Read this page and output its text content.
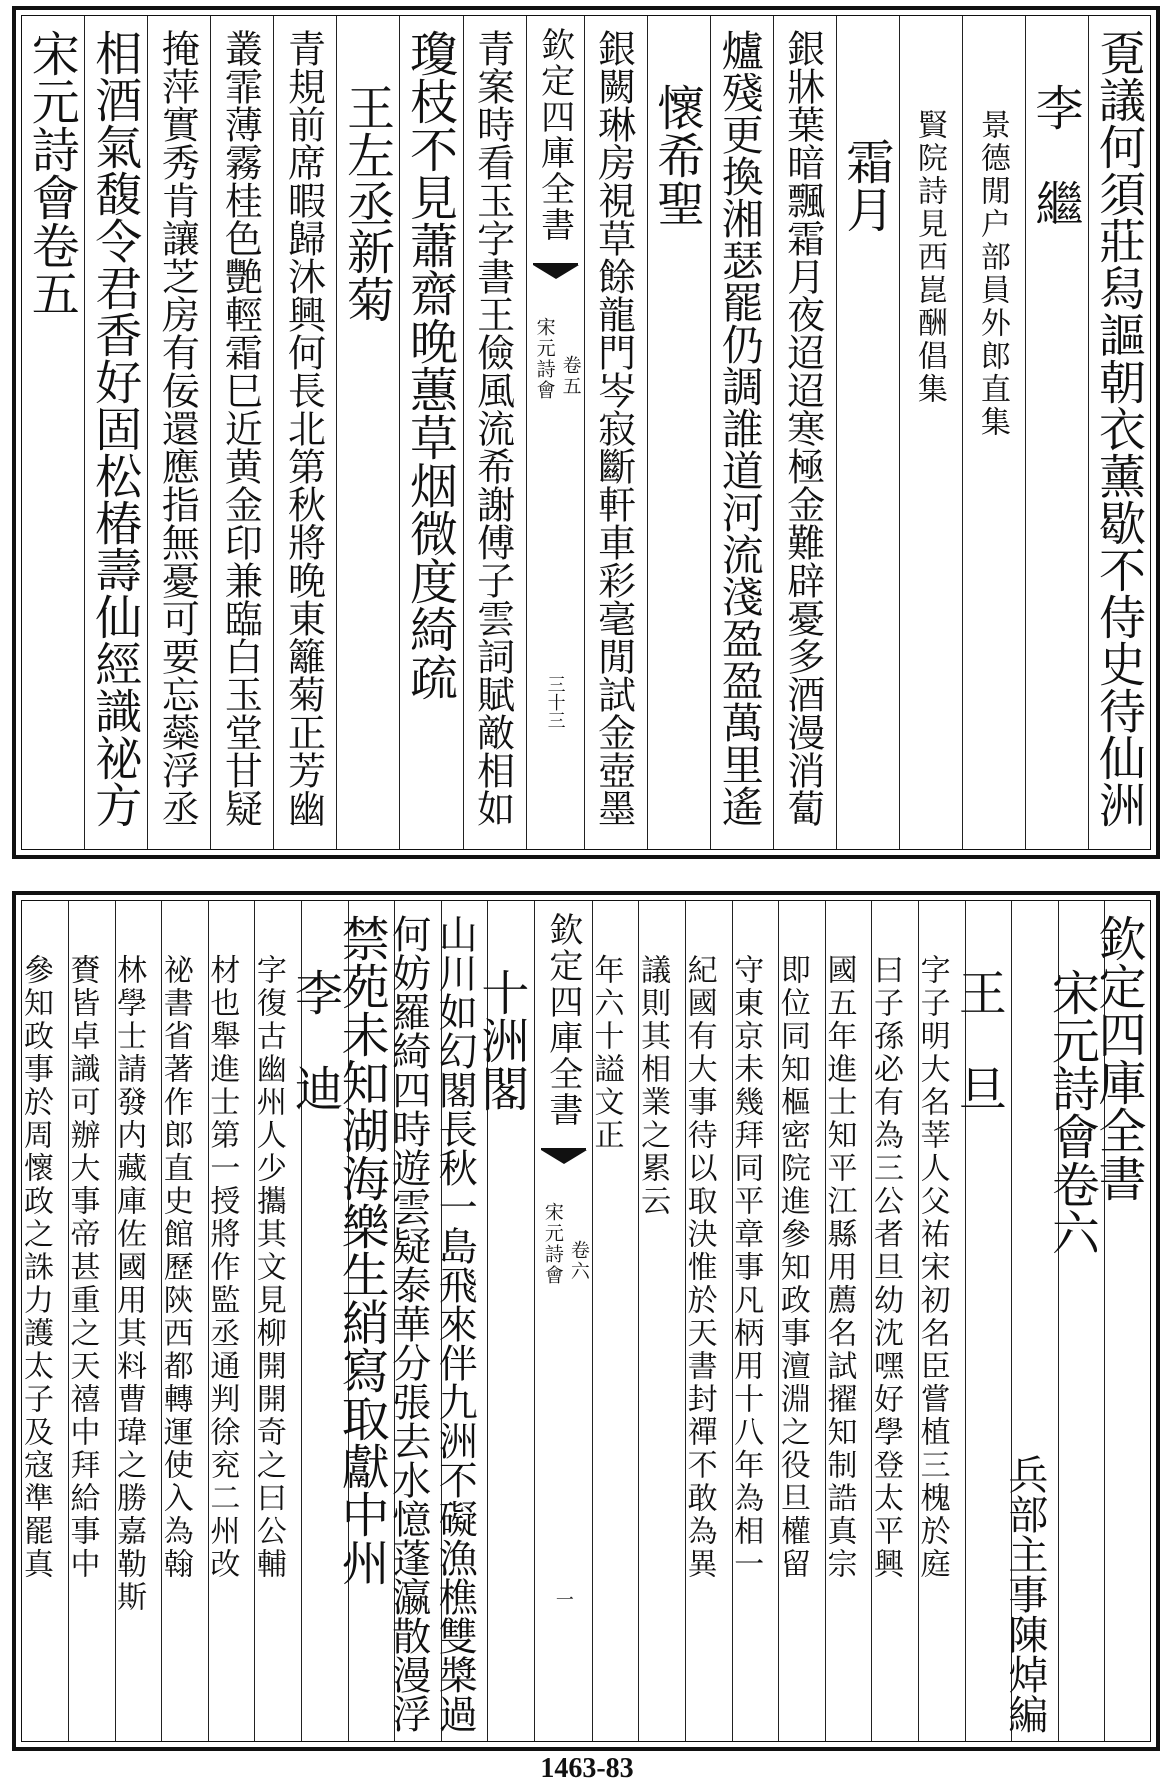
覔議何須莊舄謳朝衣薰歇不侍史待仙洲
李　繼
景德閒户部員外郎直集
賢院詩見西崑酬倡集
霜月
銀牀葉暗飄霜月夜迢迢寒極金難辟憂多酒漫消蔔
爐殘更換湘瑟罷仍調誰道河流淺盈盈萬里遙
懷希聖
銀闕琳房視草餘龍門岑寂斷軒車彩毫閒試金壺墨
欽定四庫全書
宋元詩會 卷五
三十三
青案時看玉字書王儉風流希謝傅子雲詞賦敵相如
瓊枝不見蕭齋晚蕙草烟微度綺疏
王左丞新菊
青規前席暇歸沐興何長北第秋將晚東籬菊正芳幽
叢霏薄霧桂色艷輕霜巳近黄金印兼臨白玉堂甘疑
掩萍實秀肯讓芝房有佞還應指無憂可要忘蘂浮丞
相酒氣馥令君香好固松椿壽仙經識祕方
宋元詩會卷五
欽定四庫全書
宋元詩會卷六
兵部主事陳焯編
王　旦
字子明大名莘人父祐宋初名臣嘗植三槐於庭
曰子孫必有為三公者旦幼沈嘿好學登太平興
國五年進士知平江縣用薦名試擢知制誥真宗
即位同知樞密院進參知政事澶淵之役旦權留
守東京未幾拜同平章事凡柄用十八年為相一
紀國有大事待以取決惟於天書封禪不敢為異
議則其相業之累云
年六十謚文正
欽定四庫全書
宋元詩會 卷六
一
十洲閣
山川如幻閣長秋一島飛來伴九洲不礙漁樵雙槳過
何妨羅綺四時遊雲疑泰華分張去水憶蓬瀛散漫浮
禁苑未知湖海樂生綃寫取獻中州
李　迪
字復古幽州人少攜其文見柳開開奇之曰公輔
材也舉進士第一授將作監丞通判徐兖二州改
祕書省著作郎直史館歷陝西都轉運使入為翰
林學士請發内藏庫佐國用其料曹瑋之勝嘉勒斯
賚皆卓識可辦大事帝甚重之天禧中拜給事中
參知政事於周懷政之誅力護太子及寇準罷真
1463-83
